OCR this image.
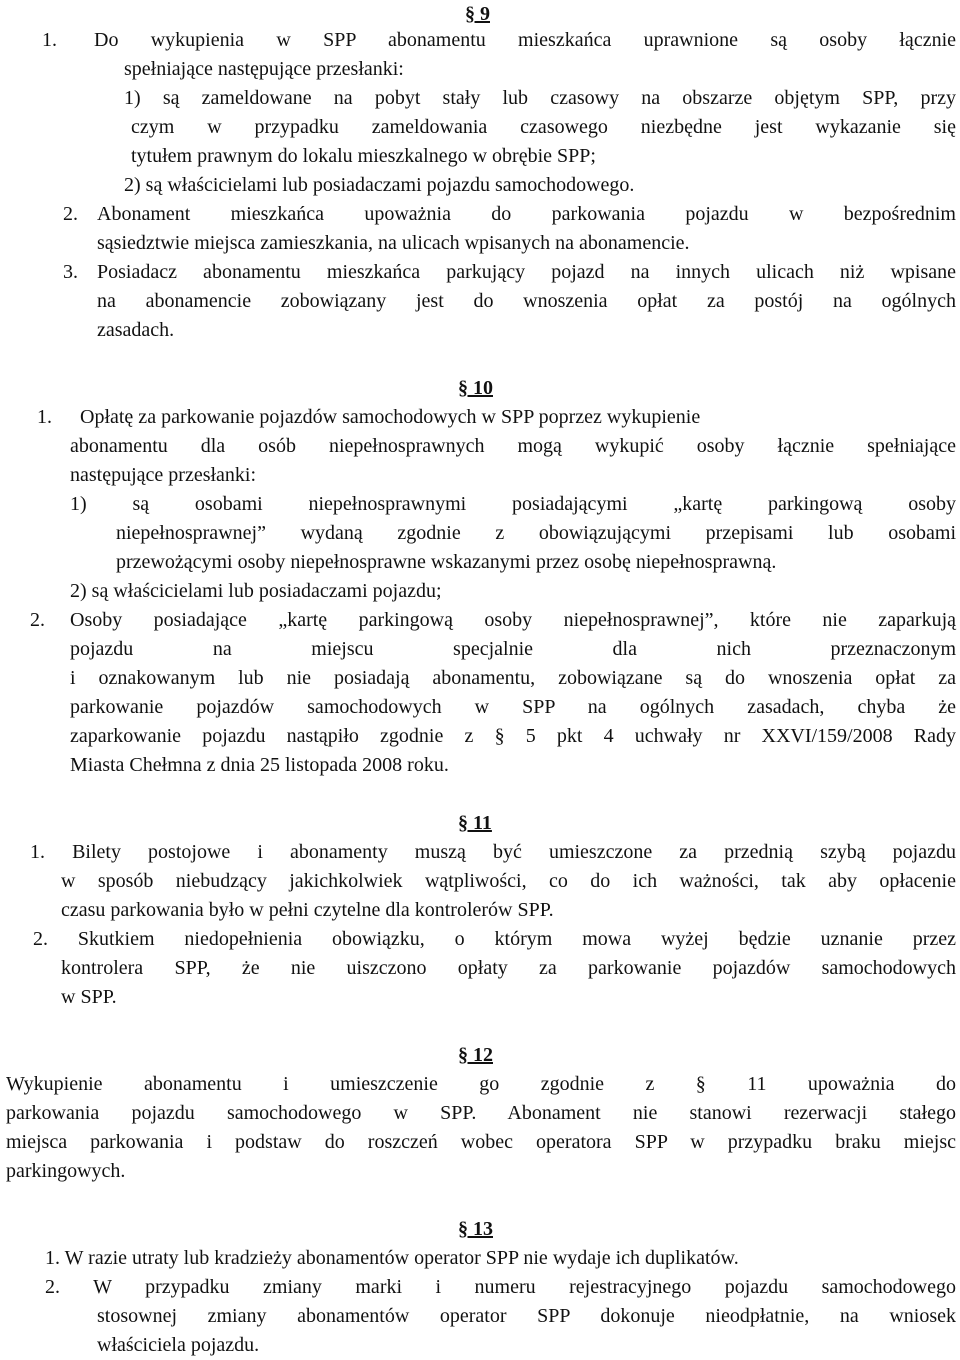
§ 9
1. Do wykupienia w SPP abonamentu mieszkańca uprawnione są osoby łącznie
spełniające następujące przesłanki:
1) są zameldowane na pobyt stały lub czasowy na obszarze objętym SPP, przy
czym w przypadku zameldowania czasowego niezbędne jest wykazanie się
tytułem prawnym do lokalu mieszkalnego w obrębie SPP;
2) są właścicielami lub posiadaczami pojazdu samochodowego.
2. Abonament mieszkańca upoważnia do parkowania pojazdu w bezpośrednim
sąsiedztwie miejsca zamieszkania, na ulicach wpisanych na abonamencie.
3. Posiadacz abonamentu mieszkańca parkujący pojazd na innych ulicach niż wpisane
na abonamencie zobowiązany jest do wnoszenia opłat za postój na ogólnych
zasadach.
§ 10
1. Opłatę za parkowanie pojazdów samochodowych w SPP poprzez wykupienie
abonamentu dla osób niepełnosprawnych mogą wykupić osoby łącznie spełniające
następujące przesłanki:
1) są osobami niepełnosprawnymi posiadającymi „kartę parkingową osoby
niepełnosprawnej” wydaną zgodnie z obowiązującymi przepisami lub osobami
przewożącymi osoby niepełnosprawne wskazanymi przez osobę niepełnosprawną.
2) są właścicielami lub posiadaczami pojazdu;
2. Osoby posiadające „kartę parkingową osoby niepełnosprawnej”, które nie zaparkują
pojazdu na miejscu specjalnie dla nich przeznaczonym
i oznakowanym lub nie posiadają abonamentu, zobowiązane są do wnoszenia opłat za
parkowanie pojazdów samochodowych w SPP na ogólnych zasadach, chyba że
zaparkowanie pojazdu nastąpiło zgodnie z § 5 pkt 4 uchwały nr XXVI/159/2008 Rady
Miasta Chełmna z dnia 25 listopada 2008 roku.
§ 11
1. Bilety postojowe i abonamenty muszą być umieszczone za przednią szybą pojazdu
w sposób niebudzący jakichkolwiek wątpliwości, co do ich ważności, tak aby opłacenie
czasu parkowania było w pełni czytelne dla kontrolerów SPP.
2. Skutkiem niedopełnienia obowiązku, o którym mowa wyżej będzie uznanie przez
kontrolera SPP, że nie uiszczono opłaty za parkowanie pojazdów samochodowych
w SPP.
§ 12
Wykupienie abonamentu i umieszczenie go zgodnie z § 11 upoważnia do
parkowania pojazdu samochodowego w SPP. Abonament nie stanowi rezerwacji stałego
miejsca parkowania i podstaw do roszczeń wobec operatora SPP w przypadku braku miejsc
parkingowych.
§ 13
1. W razie utraty lub kradzieży abonamentów operator SPP nie wydaje ich duplikatów.
2. W przypadku zmiany marki i numeru rejestracyjnego pojazdu samochodowego
stosownej zmiany abonamentów operator SPP dokonuje nieodpłatnie, na wniosek
właściciela pojazdu.
